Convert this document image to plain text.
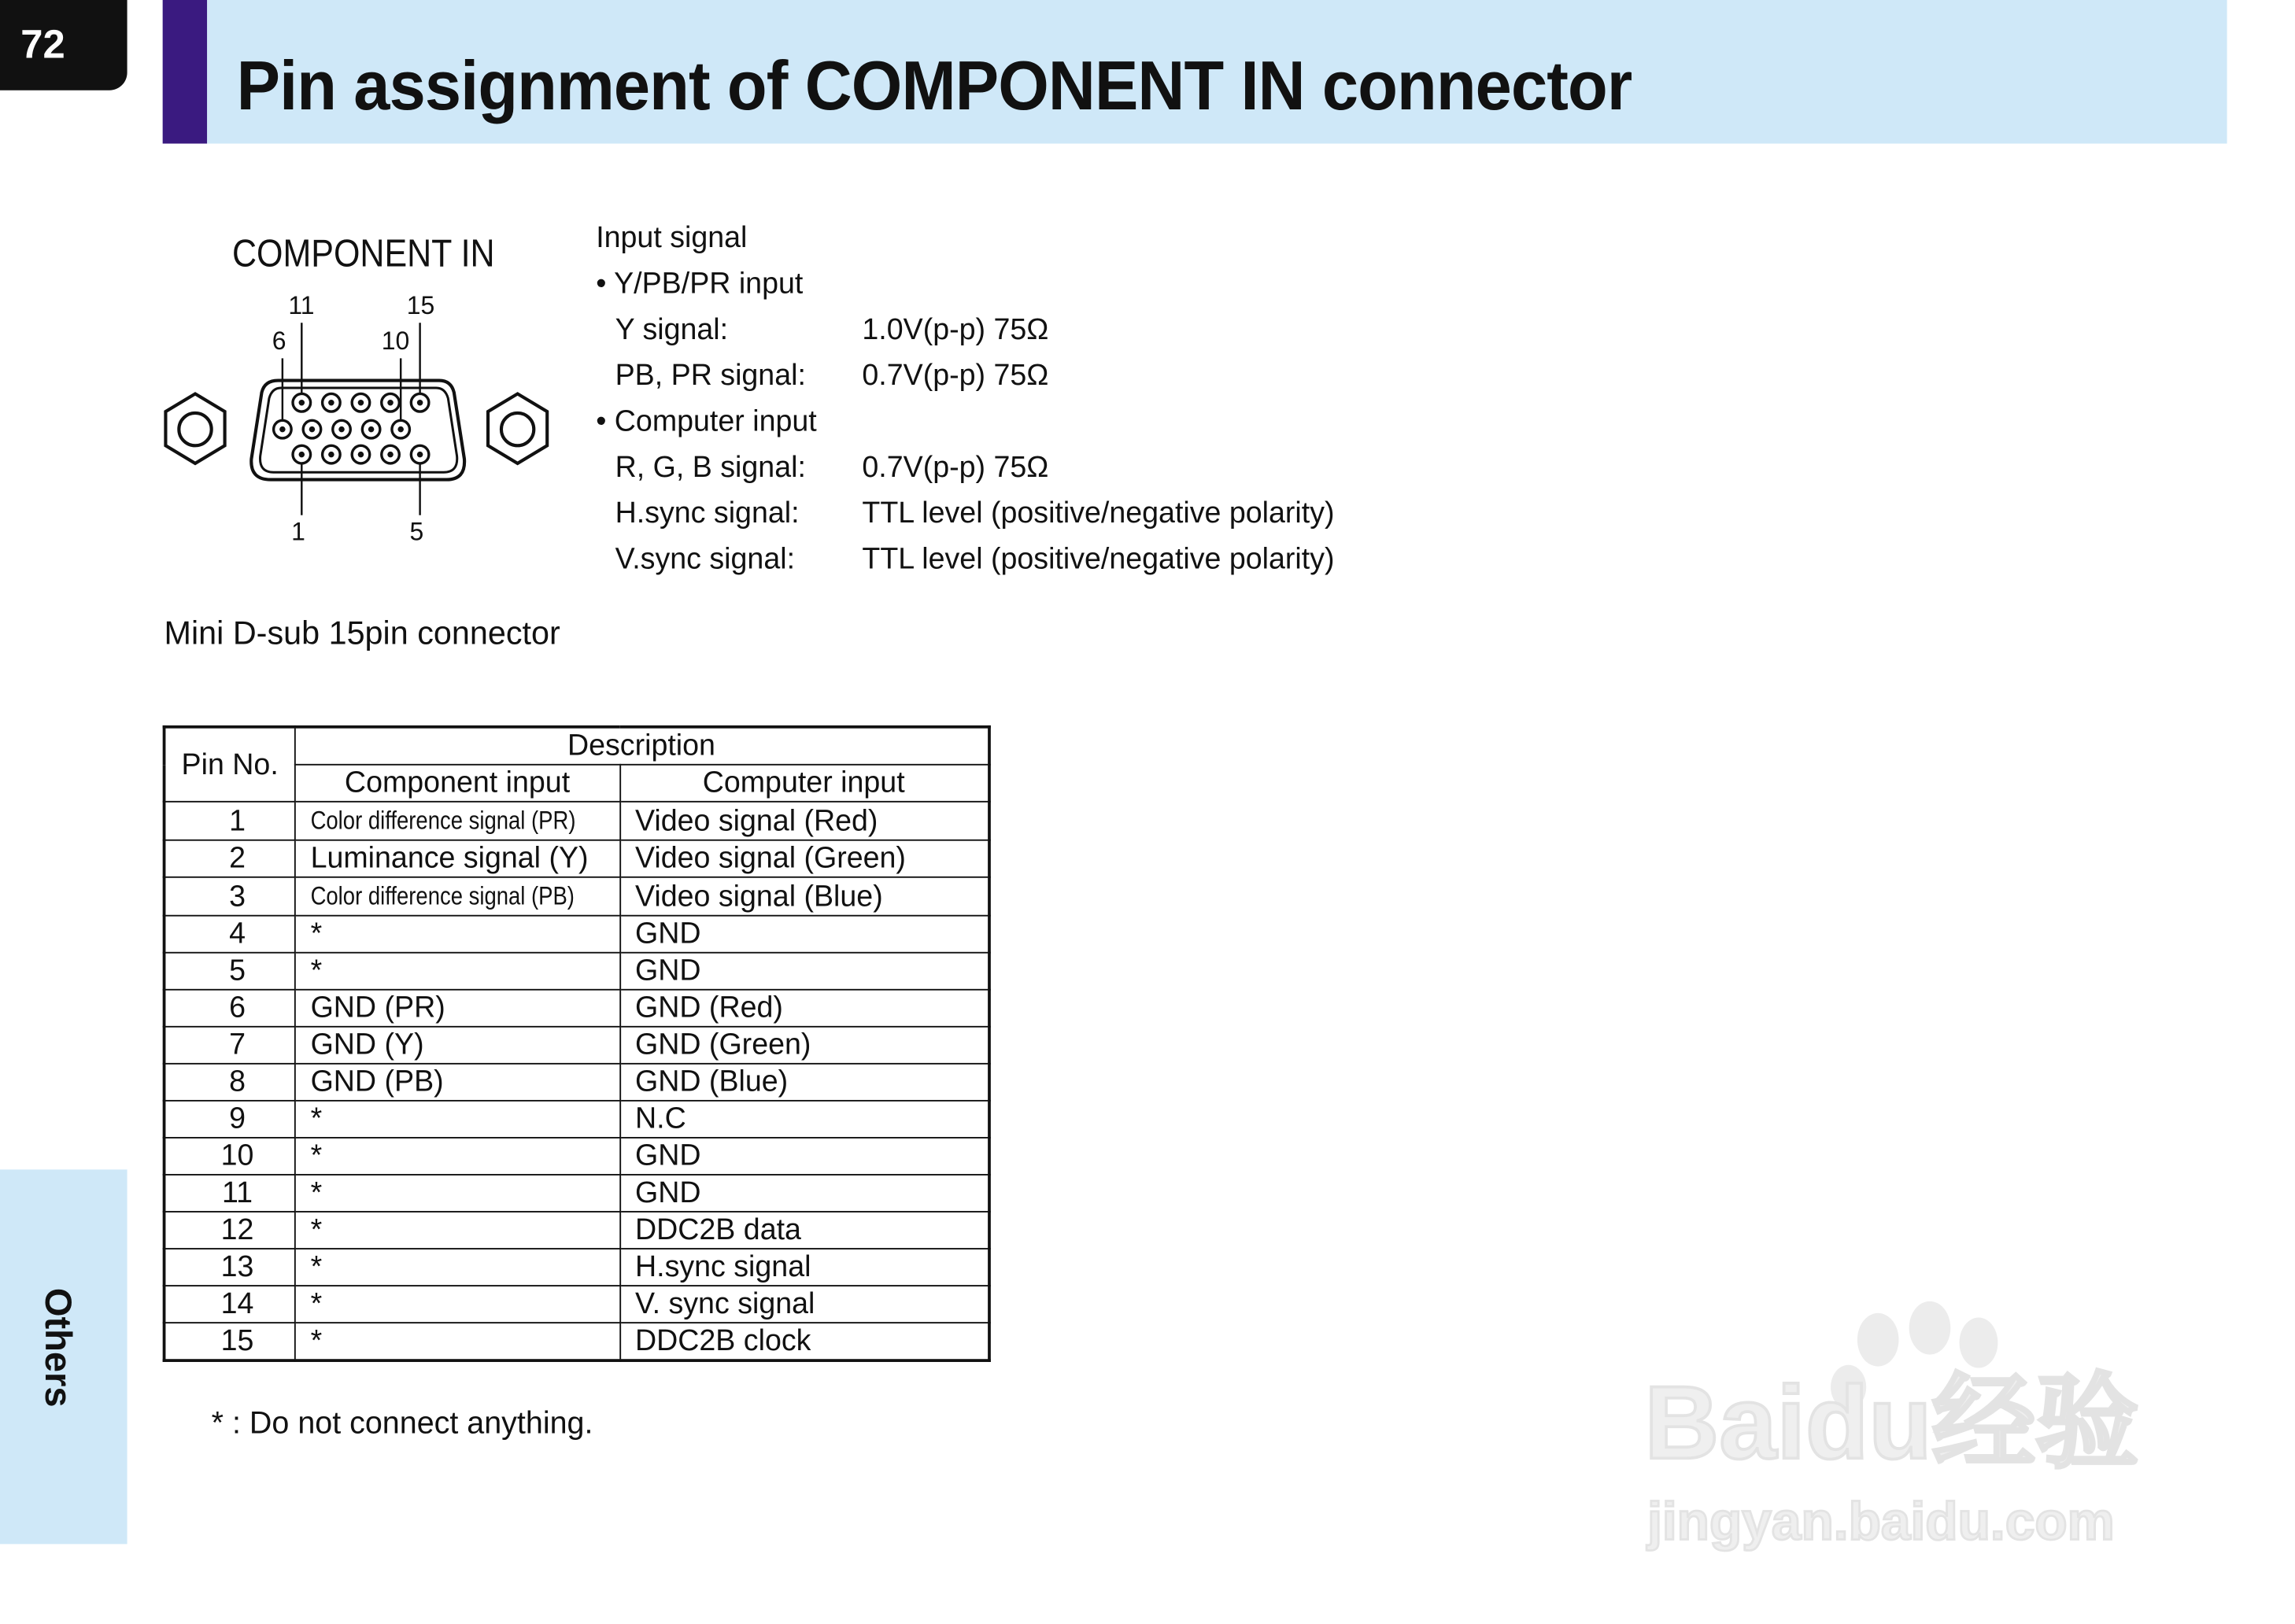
72
Pin assignment of COMPONENT IN connector
Others
COMPONENT IN
11	15
6	10
1	5
Mini D-sub 15pin connector
Input signal
• Y/PB/PR input
Y signal:	1.0V(p-p) 75Ω
PB, PR signal:	0.7V(p-p) 75Ω
• Computer input
R, G, B signal:	0.7V(p-p) 75Ω
H.sync signal:	TTL level (positive/negative polarity)
V.sync signal:	TTL level (positive/negative polarity)
Pin No.	Description	
	Component input	Computer input
1	Color difference signal (PR)	Video signal (Red)
2	Luminance signal (Y)	Video signal (Green)
3	Color difference signal (PB)	Video signal (Blue)
4	*	GND
5	*	GND
6	GND (PR)	GND (Red)
7	GND (Y)	GND (Green)
8	GND (PB)	GND (Blue)
9	*	N.C
10	*	GND
11	*	GND
12	*	DDC2B data
13	*	H.sync signal
14	*	V. sync signal
15	*	DDC2B clock
* : Do not connect anything.	Baidu经验
jingyan.baidu.com
